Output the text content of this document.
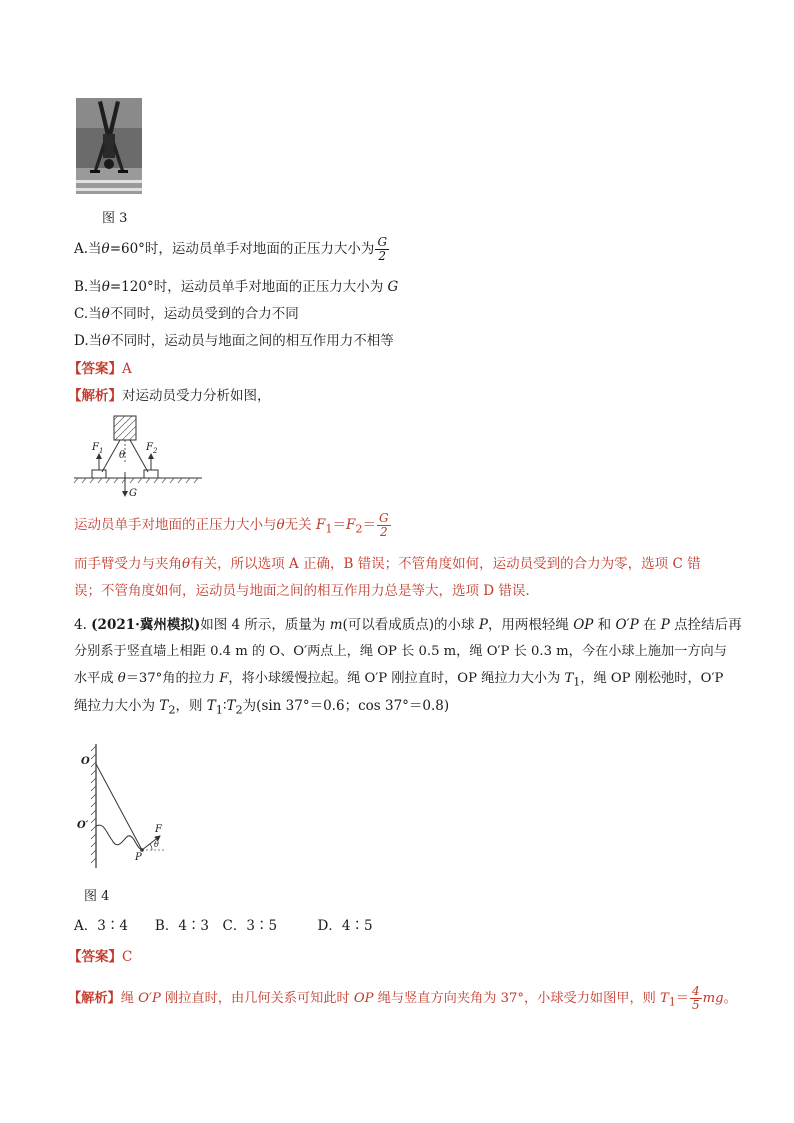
图 3
A.当θ=60°时，运动员单手对地面的正压力大小为 $\frac{G}{2}$
B.当θ=120°时，运动员单手对地面的正压力大小为 G
C.当θ不同时，运动员受到的合力不同
D.当θ不同时，运动员与地面之间的相互作用力不相等
【答案】A
【解析】对运动员受力分析如图，
$F_1$	$F_2$
θ
G
运动员单手对地面的正压力大小与θ无关 $F_1=F_2= \frac{G}{2}$
而手臂受力与夹角θ有关，所以选项 A 正确，B 错误；不管角度如何，运动员受到的合力为零，选项 C 错
误；不管角度如何，运动员与地面之间的相互作用力总是等大，选项 D 错误.
4. (2021·冀州模拟)如图 4 所示，质量为 m(可以看成质点)的小球 P，用两根轻绳 OP 和 O′P 在 P 点拴结后再
分别系于竖直墙上相距 0.4 m 的 O、O′两点上，绳 OP 长 0.5 m，绳 O′P 长 0.3 m，今在小球上施加一方向与
水平成 θ＝37°角的拉力 F，将小球缓慢拉起。绳 O′P 刚拉直时，OP 绳拉力大小为 $T_1$，绳 OP 刚松弛时，O′P
绳拉力大小为 $T_2$，则 $T_1∶T_2$为(sin 37°＝0.6；cos 37°＝0.8)
O
O′
P
F
θ
图 4
A．3∶4　　B．4∶3　C．3∶5　　　D．4∶5
【答案】C
【解析】绳 O′P 刚拉直时，由几何关系可知此时 OP 绳与竖直方向夹角为 37°，小球受力如图甲，则 $T_1= \frac{4}{5}$ mg。
